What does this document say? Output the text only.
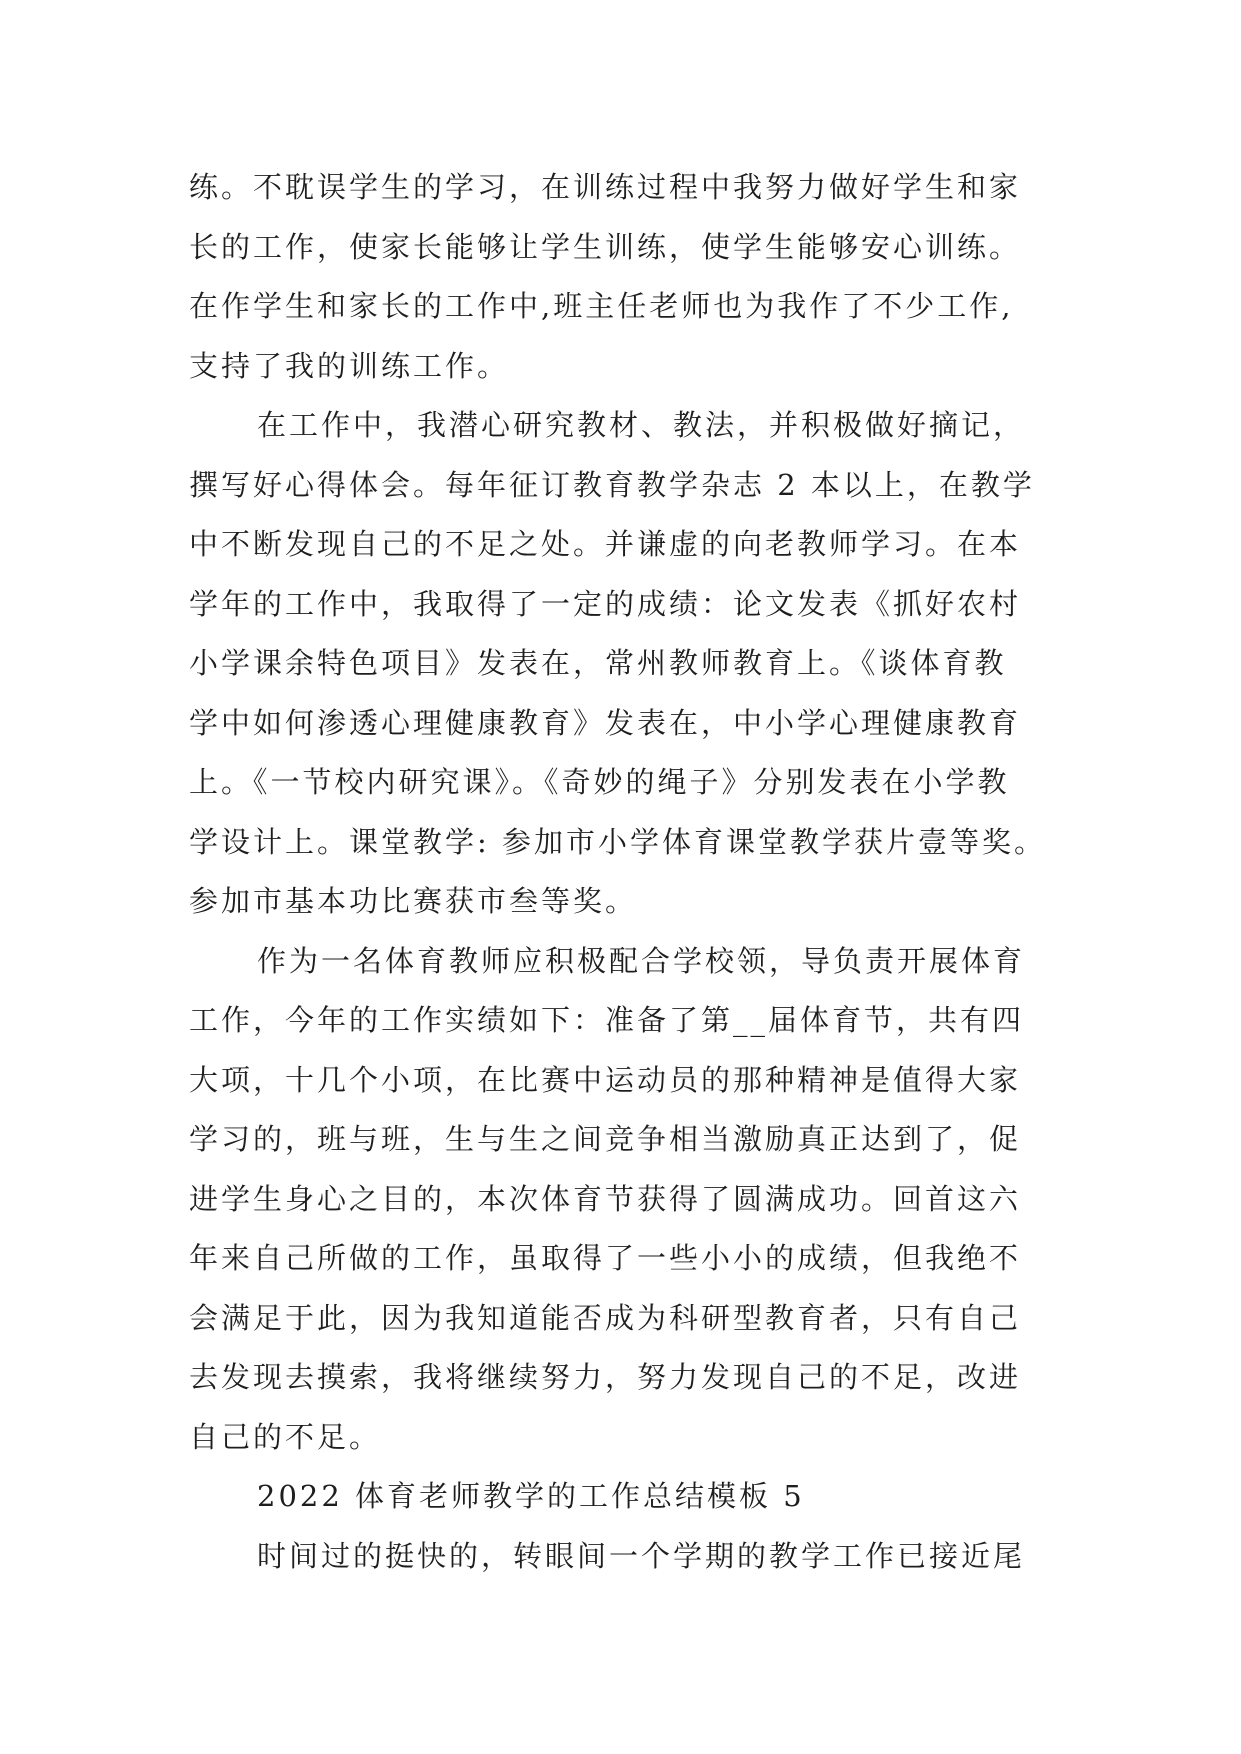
练。不耽误学生的学习，在训练过程中我努力做好学生和家
长的工作，使家长能够让学生训练，使学生能够安心训练。
在作学生和家长的工作中,班主任老师也为我作了不少工作,
支持了我的训练工作。
在工作中，我潜心研究教材、教法，并积极做好摘记，
撰写好心得体会。每年征订教育教学杂志 2 本以上，在教学
中不断发现自己的不足之处。并谦虚的向老教师学习。在本
学年的工作中，我取得了一定的成绩：论文发表《抓好农村
小学课余特色项目》发表在，常州教师教育上。《谈体育教
学中如何渗透心理健康教育》发表在，中小学心理健康教育
上。《一节校内研究课》。《奇妙的绳子》分别发表在小学教
学设计上。课堂教学: 参加市小学体育课堂教学获片壹等奖。
参加市基本功比赛获市叁等奖。
作为一名体育教师应积极配合学校领，导负责开展体育
工作，今年的工作实绩如下：准备了第__届体育节，共有四
大项，十几个小项，在比赛中运动员的那种精神是值得大家
学习的，班与班，生与生之间竞争相当激励真正达到了，促
进学生身心之目的，本次体育节获得了圆满成功。回首这六
年来自己所做的工作，虽取得了一些小小的成绩，但我绝不
会满足于此，因为我知道能否成为科研型教育者，只有自己
去发现去摸索，我将继续努力，努力发现自己的不足，改进
自己的不足。
2022 体育老师教学的工作总结模板 5
时间过的挺快的，转眼间一个学期的教学工作已接近尾
